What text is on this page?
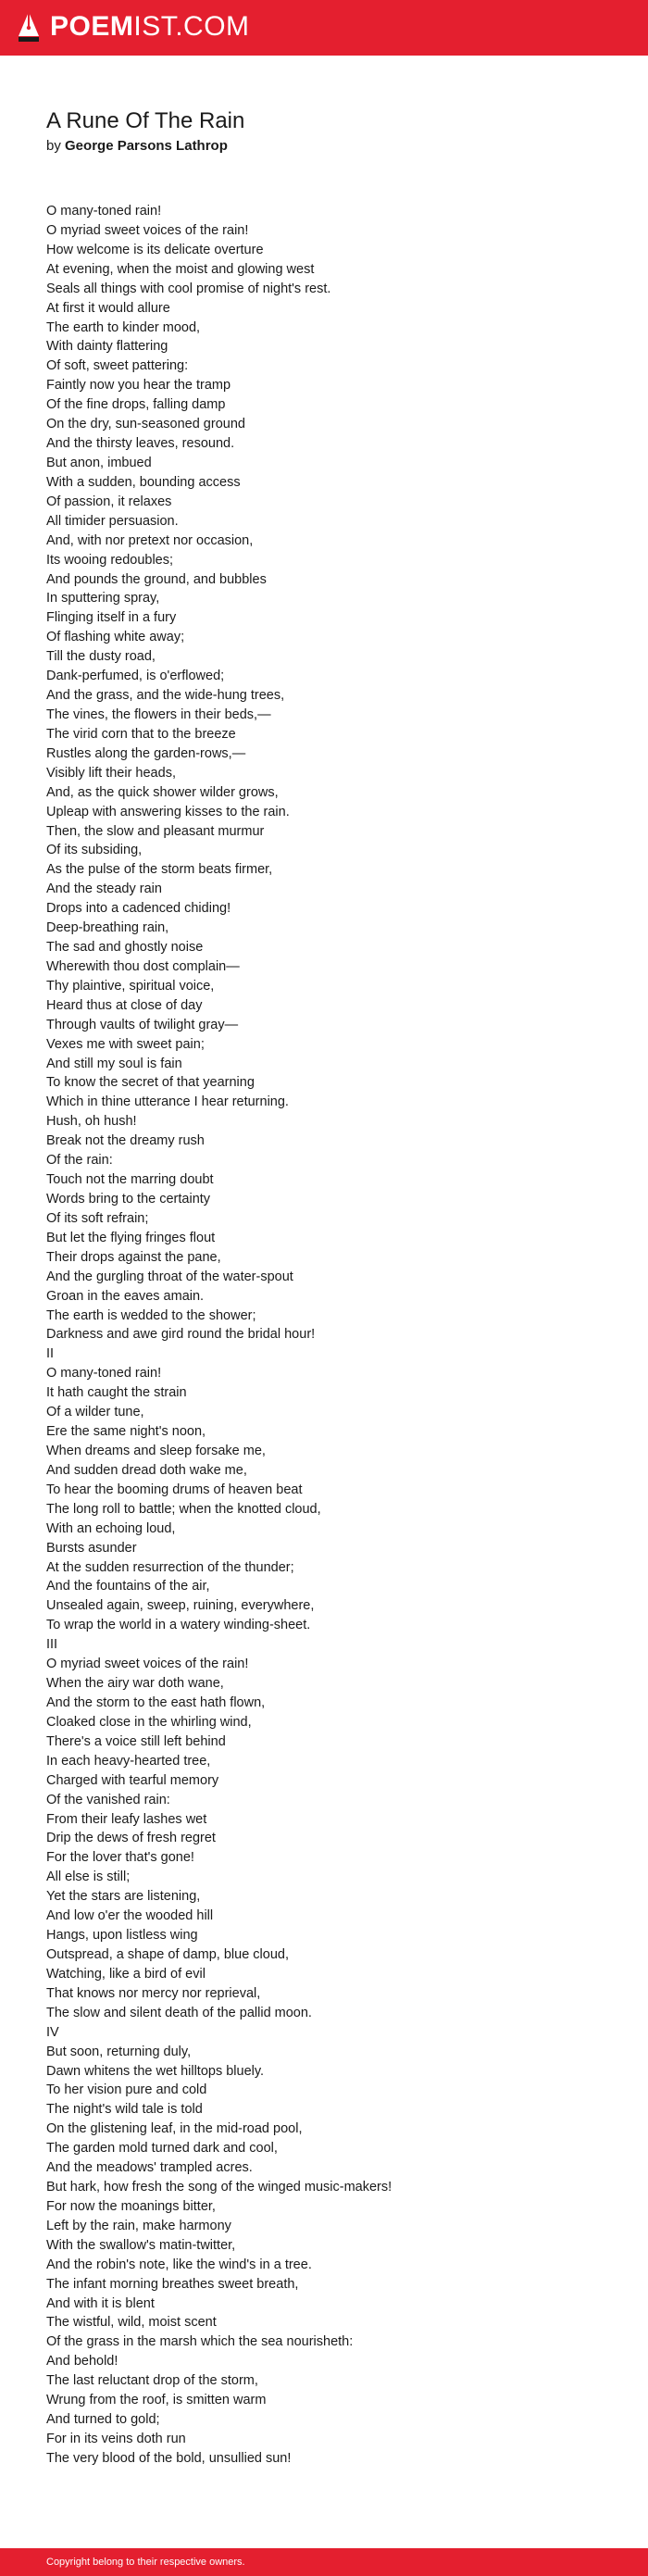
POEMIST.COM
A Rune Of The Rain
by George Parsons Lathrop
O many-toned rain!
O myriad sweet voices of the rain!
How welcome is its delicate overture
At evening, when the moist and glowing west
Seals all things with cool promise of night's rest.
At first it would allure
The earth to kinder mood,
With dainty flattering
Of soft, sweet pattering:
Faintly now you hear the tramp
Of the fine drops, falling damp
On the dry, sun-seasoned ground
And the thirsty leaves, resound.
But anon, imbued
With a sudden, bounding access
Of passion, it relaxes
All timider persuasion.
And, with nor pretext nor occasion,
Its wooing redoubles;
And pounds the ground, and bubbles
In sputtering spray,
Flinging itself in a fury
Of flashing white away;
Till the dusty road,
Dank-perfumed, is o'erflowed;
And the grass, and the wide-hung trees,
The vines, the flowers in their beds,—
The virid corn that to the breeze
Rustles along the garden-rows,—
Visibly lift their heads,
And, as the quick shower wilder grows,
Upleap with answering kisses to the rain.
Then, the slow and pleasant murmur
Of its subsiding,
As the pulse of the storm beats firmer,
And the steady rain
Drops into a cadenced chiding!
Deep-breathing rain,
The sad and ghostly noise
Wherewith thou dost complain—
Thy plaintive, spiritual voice,
Heard thus at close of day
Through vaults of twilight gray—
Vexes me with sweet pain;
And still my soul is fain
To know the secret of that yearning
Which in thine utterance I hear returning.
Hush, oh hush!
Break not the dreamy rush
Of the rain:
Touch not the marring doubt
Words bring to the certainty
Of its soft refrain;
But let the flying fringes flout
Their drops against the pane,
And the gurgling throat of the water-spout
Groan in the eaves amain.
The earth is wedded to the shower;
Darkness and awe gird round the bridal hour!
II
O many-toned rain!
It hath caught the strain
Of a wilder tune,
Ere the same night's noon,
When dreams and sleep forsake me,
And sudden dread doth wake me,
To hear the booming drums of heaven beat
The long roll to battle; when the knotted cloud,
With an echoing loud,
Bursts asunder
At the sudden resurrection of the thunder;
And the fountains of the air,
Unsealed again, sweep, ruining, everywhere,
To wrap the world in a watery winding-sheet.
III
O myriad sweet voices of the rain!
When the airy war doth wane,
And the storm to the east hath flown,
Cloaked close in the whirling wind,
There's a voice still left behind
In each heavy-hearted tree,
Charged with tearful memory
Of the vanished rain:
From their leafy lashes wet
Drip the dews of fresh regret
For the lover that's gone!
All else is still;
Yet the stars are listening,
And low o'er the wooded hill
Hangs, upon listless wing
Outspread, a shape of damp, blue cloud,
Watching, like a bird of evil
That knows nor mercy nor reprieval,
The slow and silent death of the pallid moon.
IV
But soon, returning duly,
Dawn whitens the wet hilltops bluely.
To her vision pure and cold
The night's wild tale is told
On the glistening leaf, in the mid-road pool,
The garden mold turned dark and cool,
And the meadows' trampled acres.
But hark, how fresh the song of the winged music-makers!
For now the moanings bitter,
Left by the rain, make harmony
With the swallow's matin-twitter,
And the robin's note, like the wind's in a tree.
The infant morning breathes sweet breath,
And with it is blent
The wistful, wild, moist scent
Of the grass in the marsh which the sea nourisheth:
And behold!
The last reluctant drop of the storm,
Wrung from the roof, is smitten warm
And turned to gold;
For in its veins doth run
The very blood of the bold, unsullied sun!
Copyright belong to their respective owners.
